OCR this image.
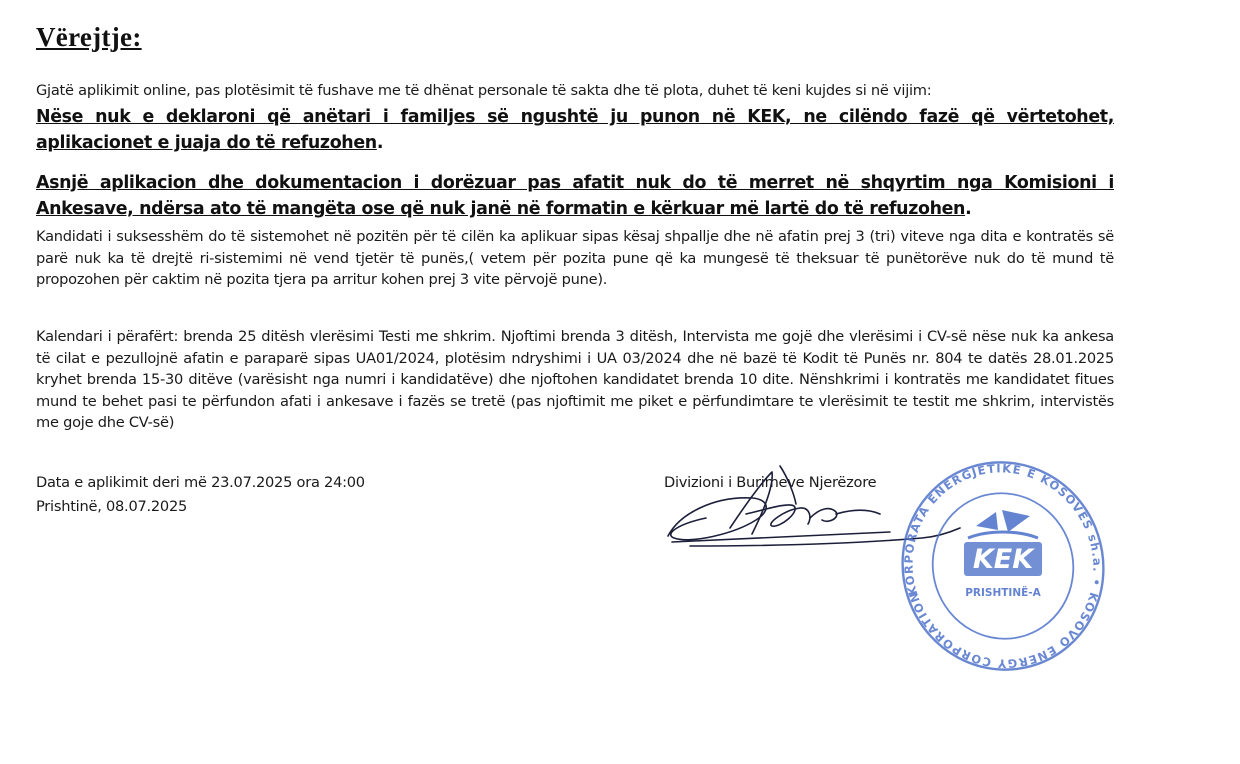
Vërejtje:
Gjatë aplikimit online, pas plotësimit të fushave me të dhënat personale të sakta dhe të plota, duhet të keni kujdes si në vijim:
Nëse nuk e deklaroni që anëtari i familjes së ngushtë ju punon në KEK, ne cilëndo fazë që vërtetohet, aplikacionet e juaja do të refuzohen.
Asnjë aplikacion dhe dokumentacion i dorëzuar pas afatit nuk do të merret në shqyrtim nga Komisioni i Ankesave, ndërsa ato të mangëta ose që nuk janë në formatin e kërkuar më lartë do të refuzohen.
Kandidati i suksesshëm do të sistemohet në pozitën për të cilën ka aplikuar sipas kësaj shpallje dhe në afatin prej 3 (tri) viteve nga dita e kontratës së parë nuk ka të drejtë ri-sistemimi në vend tjetër të punës,( vetem për pozita pune që ka mungesë të theksuar të punëtorëve nuk do të mund të propozohen për caktim në pozita tjera pa arritur kohen prej 3 vite përvojë pune).
Kalendari i përafërt: brenda 25 ditësh vlerësimi Testi me shkrim. Njoftimi brenda 3 ditësh, Intervista me gojë dhe vlerësimi i CV-së nëse nuk ka ankesa të cilat e pezullojnë afatin e paraparë sipas UA01/2024, plotësim ndryshimi i UA 03/2024 dhe në bazë të Kodit të Punës nr. 804 te datës 28.01.2025 kryhet brenda 15-30 ditëve (varësisht nga numri i kandidatëve) dhe njoftohen kandidatet brenda 10 dite. Nënshkrimi i kontratës me kandidatet fitues mund te behet pasi te përfundon afati i ankesave i fazës se tretë (pas njoftimit me piket e përfundimtare te vlerësimit te testit me shkrim, intervistës me goje dhe CV-së)
Data e aplikimit deri më 23.07.2025 ora 24:00
Prishtinë, 08.07.2025
Divizioni i Burimeve Njerëzore
KORPORATA ENERGJETIKE E KOSOVËS sh.a. • KOSOVO ENERGY CORPORATION
KEK
PRISHTINË-A
